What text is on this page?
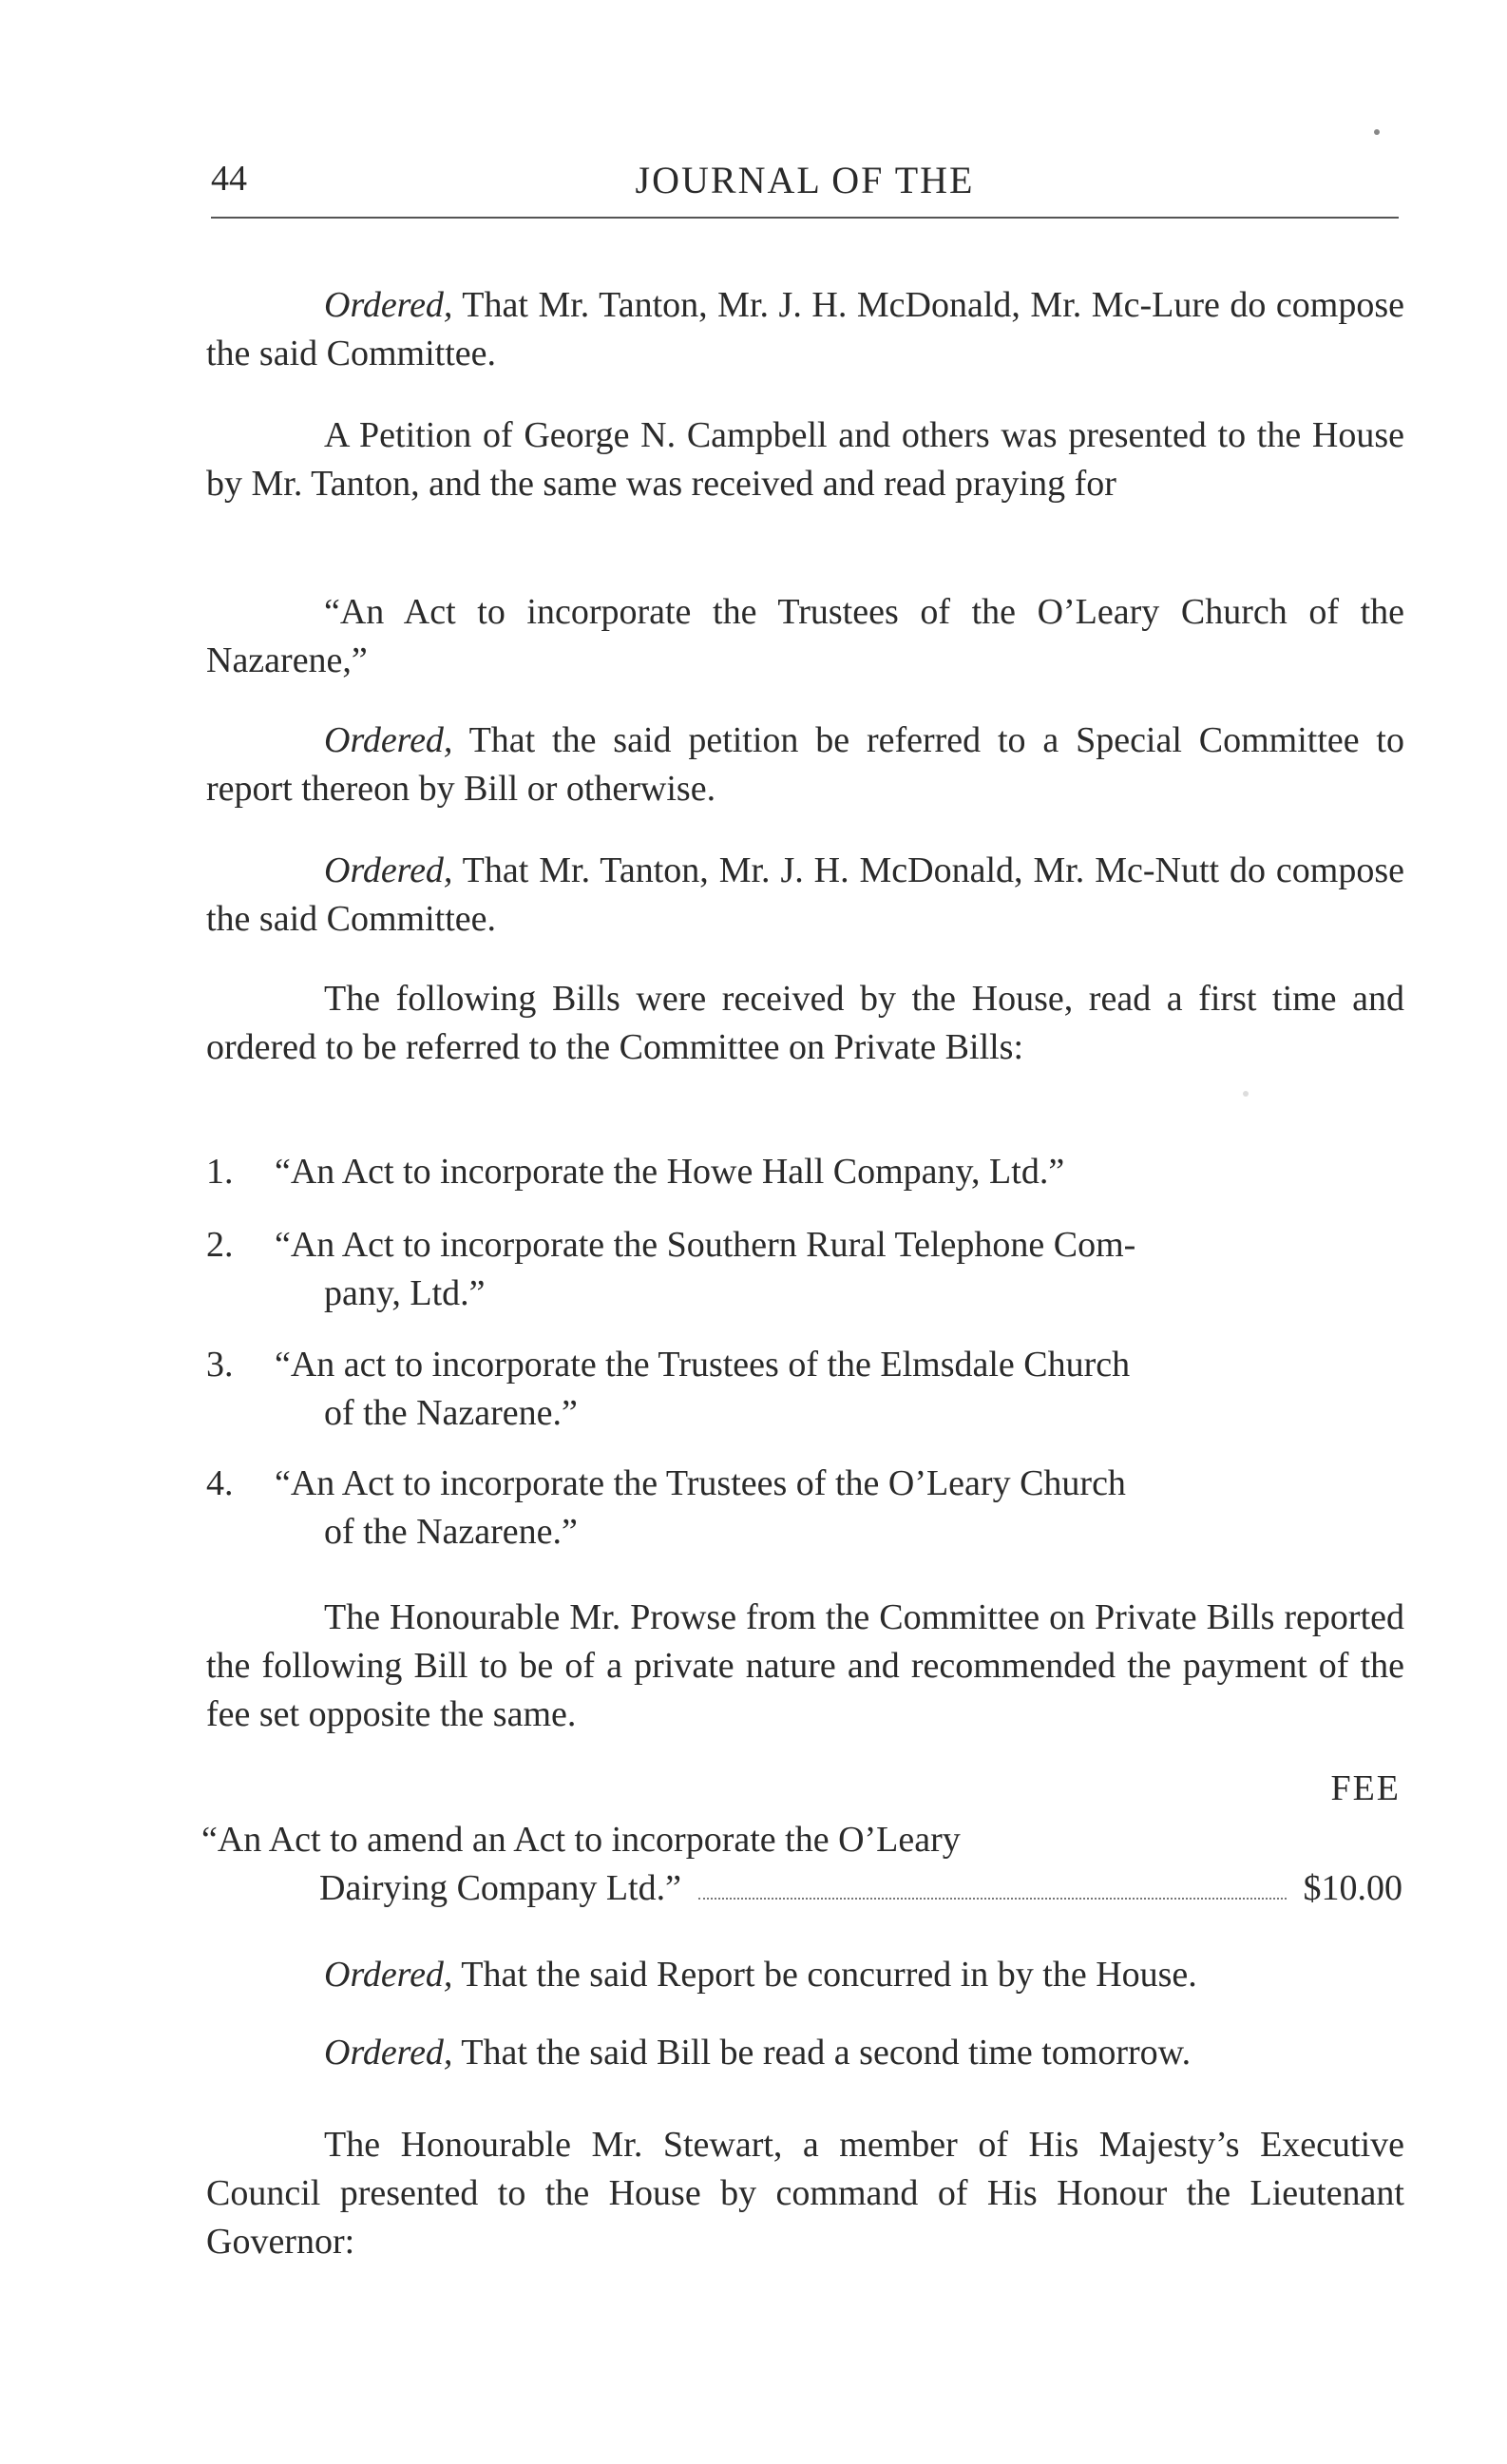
44	JOURNAL OF THE

Ordered, That Mr. Tanton, Mr. J. H. McDonald, Mr. Mc-Lure do compose the said Committee.

A Petition of George N. Campbell and others was presented to the House by Mr. Tanton, and the same was received and read praying for

“An Act to incorporate the Trustees of the O’Leary Church of the Nazarene,”

Ordered, That the said petition be referred to a Special Committee to report thereon by Bill or otherwise.

Ordered, That Mr. Tanton, Mr. J. H. McDonald, Mr. Mc-Nutt do compose the said Committee.

The following Bills were received by the House, read a first time and ordered to be referred to the Committee on Private Bills:

1.	“An Act to incorporate the Howe Hall Company, Ltd.”
2.	“An Act to incorporate the Southern Rural Telephone Com-
pany, Ltd.”
3.	“An act to incorporate the Trustees of the Elmsdale Church
of the Nazarene.”
4.	“An Act to incorporate the Trustees of the O’Leary Church
of the Nazarene.”

The Honourable Mr. Prowse from the Committee on Private Bills reported the following Bill to be of a private nature and recommended the payment of the fee set opposite the same.

FEE
“An Act to amend an Act to incorporate the O’Leary
Dairying Company Ltd.”	$10.00

Ordered, That the said Report be concurred in by the House.

Ordered, That the said Bill be read a second time tomorrow.

The Honourable Mr. Stewart, a member of His Majesty’s Executive Council presented to the House by command of His Honour the Lieutenant Governor:
